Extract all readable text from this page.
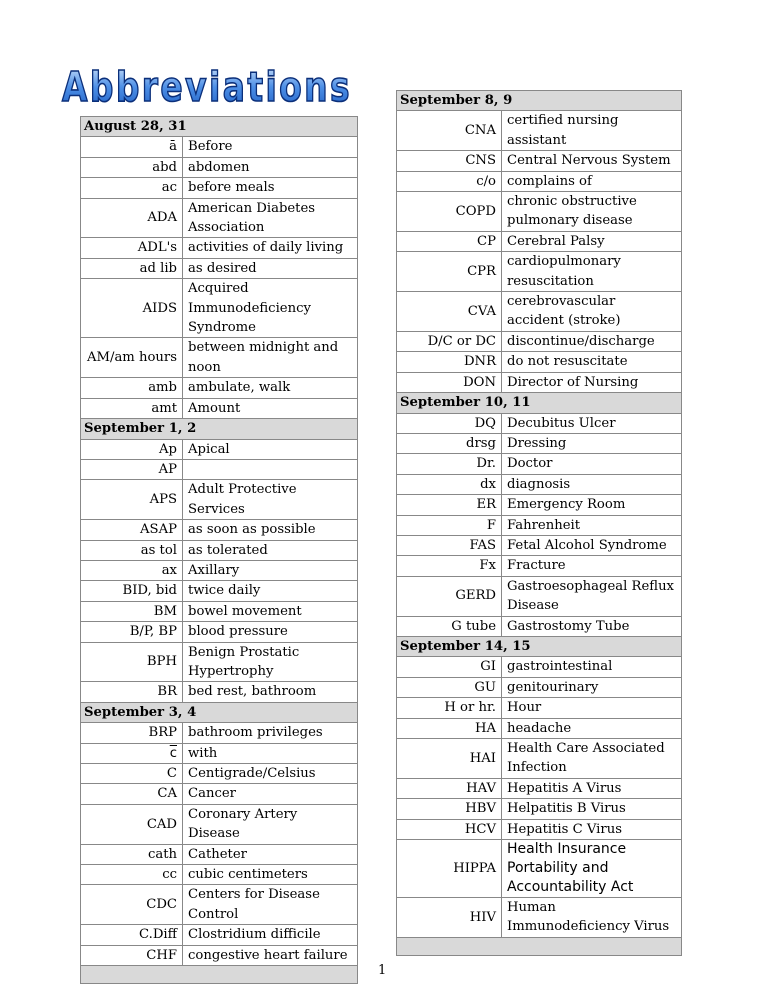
Abbreviations
August 28, 31	
ā	Before
abd	abdomen
ac	before meals
ADA	American Diabetes Association
ADL's	activities of daily living
ad lib	as desired
AIDS	Acquired Immunodeficiency Syndrome
AM/am hours	between midnight and noon
amb	ambulate, walk
amt	Amount
September 1, 2	
Ap	Apical
AP	
APS	Adult Protective Services
ASAP	as soon as possible
as tol	as tolerated
ax	Axillary
BID, bid	twice daily
BM	bowel movement
B/P, BP	blood pressure
BPH	Benign Prostatic Hypertrophy
BR	bed rest, bathroom
September 3, 4	
BRP	bathroom privileges
$\overline{c}$	with
C	Centigrade/Celsius
CA	Cancer
CAD	Coronary Artery Disease
cath	Catheter
cc	cubic centimeters
CDC	Centers for Disease Control
C.Diff	Clostridium difficile
CHF	congestive heart failure

September 8, 9	
CNA	certified nursing assistant
CNS	Central Nervous System
c/o	complains of
COPD	chronic obstructive pulmonary disease
CP	Cerebral Palsy
CPR	cardiopulmonary resuscitation
CVA	cerebrovascular accident (stroke)
D/C or DC	discontinue/discharge
DNR	do not resuscitate
DON	Director of Nursing
September 10, 11	
DQ	Decubitus Ulcer
drsg	Dressing
Dr.	Doctor
dx	diagnosis
ER	Emergency Room
F	Fahrenheit
FAS	Fetal Alcohol Syndrome
Fx	Fracture
GERD	Gastroesophageal Reflux Disease
G tube	Gastrostomy Tube
September 14, 15	
GI	gastrointestinal
GU	genitourinary
H or hr.	Hour
HA	headache
HAI	Health Care Associated Infection
HAV	Hepatitis A Virus
HBV	Helpatitis B Virus
HCV	Hepatitis C Virus
HIPPA	Health Insurance Portability and Accountability Act
HIV	Human Immunodeficiency Virus

1
